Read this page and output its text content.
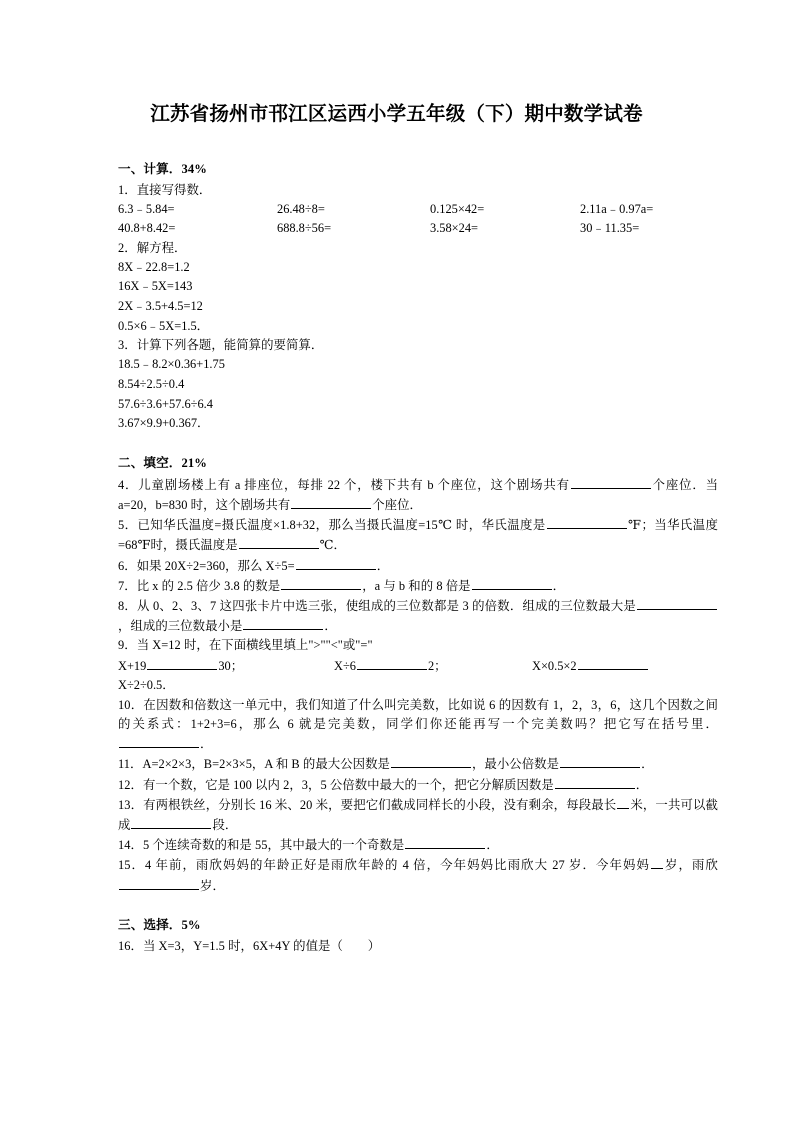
江苏省扬州市邗江区运西小学五年级（下）期中数学试卷
一、计算．34%
1．直接写得数．
6.3﹣5.84=	26.48÷8=	0.125×42=	2.11a﹣0.97a=
40.8+8.42=	688.8÷56=	3.58×24=	30﹣11.35=
2．解方程．
8X﹣22.8=1.2
16X﹣5X=143
2X﹣3.5+4.5=12
0.5×6﹣5X=1.5．
3．计算下列各题，能简算的要简算．
18.5﹣8.2×0.36+1.75
8.54÷2.5÷0.4
57.6÷3.6+57.6÷6.4
3.67×9.9+0.367．
二、填空．21%
4．儿童剧场楼上有 a 排座位，每排 22 个，楼下共有 b 个座位，这个剧场共有	个座位．当a=20，b=830 时，这个剧场共有	个座位．
5．已知华氏温度=摄氏温度×1.8+32，那么当摄氏温度=15℃ 时，华氏温度是	℉；当华氏温度=68℉时，摄氏温度是	℃．
6．如果 20X÷2=360，那么 X÷5=	．
7．比 x 的 2.5 倍少 3.8 的数是	，a 与 b 和的 8 倍是	．
8．从 0、2、3、7 这四张卡片中选三张，使组成的三位数都是 3 的倍数．组成的三位数最大是，组成的三位数最小是	．
9．当 X=12 时，在下面横线里填上">""<"或"="
X+19	30；	X÷6	2；	X×0.5×2
X÷2÷0.5．
10．在因数和倍数这一单元中，我们知道了什么叫完美数，比如说 6 的因数有 1，2，3，6，这几个因数之间的关系式：1+2+3=6，那么 6 就是完美数，同学们你还能再写一个完美数吗？把它写在括号里．．
11．A=2×2×3，B=2×3×5，A 和 B 的最大公因数是	，最小公倍数是	．
12．有一个数，它是 100 以内 2，3，5 公倍数中最大的一个，把它分解质因数是	．
13．有两根铁丝，分别长 16 米、20 米，要把它们截成同样长的小段，没有剩余，每段最长 米，一共可以截成	段．
14．5 个连续奇数的和是 55，其中最大的一个奇数是	．
15．4 年前，雨欣妈妈的年龄正好是雨欣年龄的 4 倍，今年妈妈比雨欣大 27 岁．今年妈妈 岁，雨欣岁．
三、选择．5%
16．当 X=3，Y=1.5 时，6X+4Y 的值是（　　）
